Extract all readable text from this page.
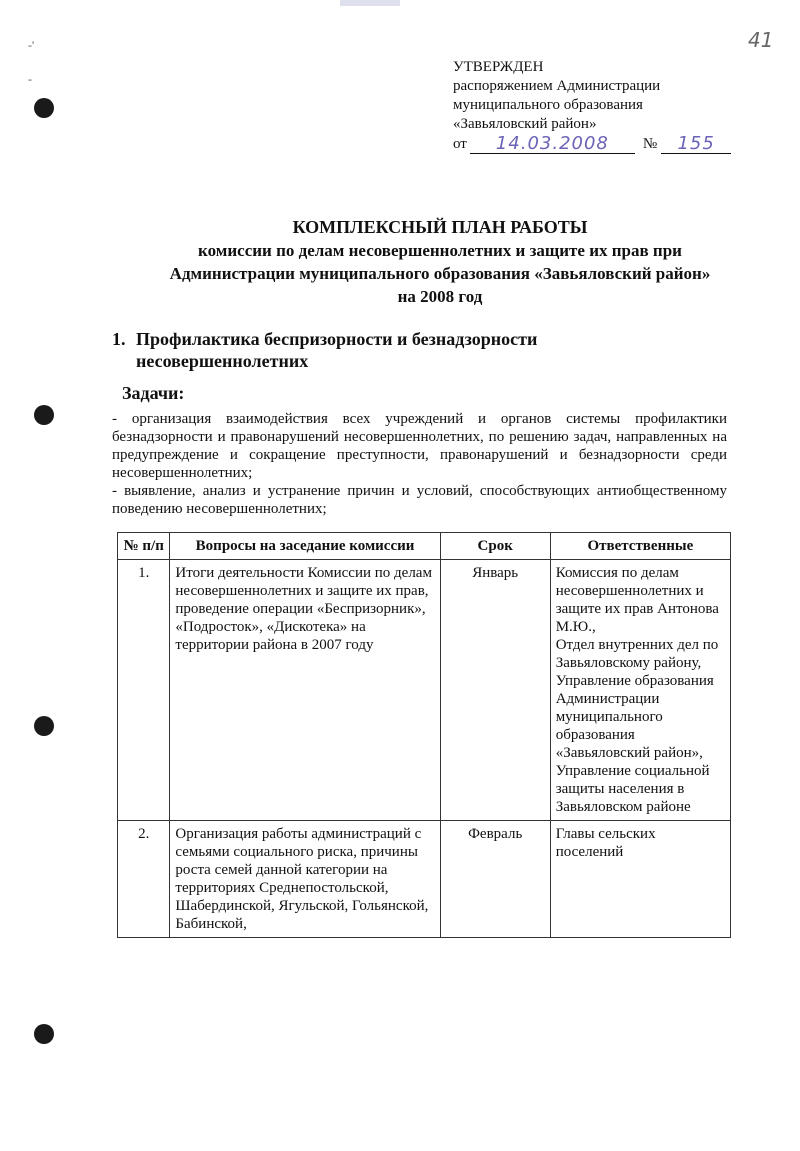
41
-'
-
УТВЕРЖДЕН
распоряжением Администрации
муниципального образования
«Завьяловский район»
от	14.03.2008	№	155
КОМПЛЕКСНЫЙ ПЛАН РАБОТЫ
комиссии по делам несовершеннолетних и защите их прав при
Администрации муниципального образования «Завьяловский район»
на 2008 год
1. Профилактика беспризорности и безнадзорности несовершеннолетних
Задачи:

- организация взаимодействия всех учреждений и органов системы профилактики безнадзорности и правонарушений несовершеннолетних, по решению задач, направленных на предупреждение и сокращение преступности, правонарушений и безнадзорности среди несовершеннолетних;

- выявление, анализ и устранение причин и условий, способствующих антиобщественному поведению несовершеннолетних;

№ п/п	Вопросы на заседание комиссии	Срок	Ответственные
1.	Итоги деятельности Комиссии по делам несовершеннолетних и защите их прав, проведение операции «Беспризорник», «Подросток», «Дискотека» на территории района в 2007 году	Январь	Комиссия по делам несовершеннолетних и защите их прав Антонова М.Ю.,
Отдел внутренних дел по Завьяловскому району,
Управление образования Администрации муниципального образования «Завьяловский район»,
Управление социальной защиты населения в Завьяловском районе

2.	Организация работы администраций с семьями социального риска, причины роста семей данной категории на территориях Среднепостольской, Шабердинской, Ягульской, Гольянской, Бабинской,	Февраль	Главы сельских поселений
